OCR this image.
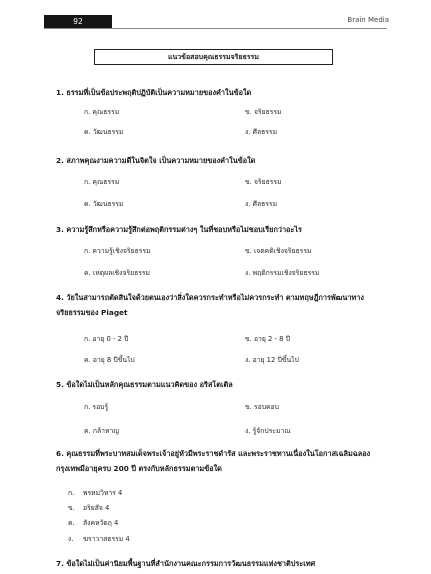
92	Brain Media
แนวข้อสอบคุณธรรมจริยธรรม
1. ธรรมที่เป็นข้อประพฤติปฏิบัติเป็นความหมายของคำในข้อใด
ก. คุณธรรม	ข. จริยธรรม
ค. วัฒนธรรม	ง. ศีลธรรม
2. สภาพคุณงามความดีในจิตใจ เป็นความหมายของคำในข้อใด
ก. คุณธรรม	ข. จริยธรรม
ค. วัฒนธรรม	ง. ศีลธรรม
3. ความรู้สึกหรือความรู้สึกต่อพฤติกรรมต่างๆ ในที่ชอบหรือไม่ชอบเรียกว่าอะไร
ก. ความรู้เชิงจริยธรรม	ข. เจตคติเชิงจริยธรรม
ค. เหตุผลเชิงจริยธรรม	ง. พฤติกรรมเชิงจริยธรรม
4. วัยในสามารถตัดสินใจด้วยตนเองว่าสิ่งใดควรกระทำหรือไม่ควรกระทำ ตามทฤษฎีการพัฒนาทาง
จริยธรรมของ Piaget
ก. อายุ 0 - 2 ปี	ข. อายุ 2 - 8 ปี
ค. อายุ 8 ปีขึ้นไป	ง. อายุ 12 ปีขึ้นไป
5. ข้อใดไม่เป็นหลักคุณธรรมตามแนวคิดของ อริสโตเติล
ก. รอบรู้	ข. รอบคอบ
ค. กล้าหาญ	ง. รู้จักประมาณ
6. คุณธรรมที่พระบาทสมเด็จพระเจ้าอยู่หัวมีพระราชดำรัส และพระราชทานเนื่องในโอกาสเฉลิมฉลอง
กรุงเทพมีอายุครบ 200 ปี ตรงกับหลักธรรมตามข้อใด
ก. พรหมวิหาร 4
ข. อริยสัจ 4
ค. สังคหวัตถุ 4
ง. ฆราวาสธรรม 4
7. ข้อใดไม่เป็นค่านิยมพื้นฐานที่สำนักงานคณะกรรมการวัฒนธรรมแห่งชาติประเทศ
